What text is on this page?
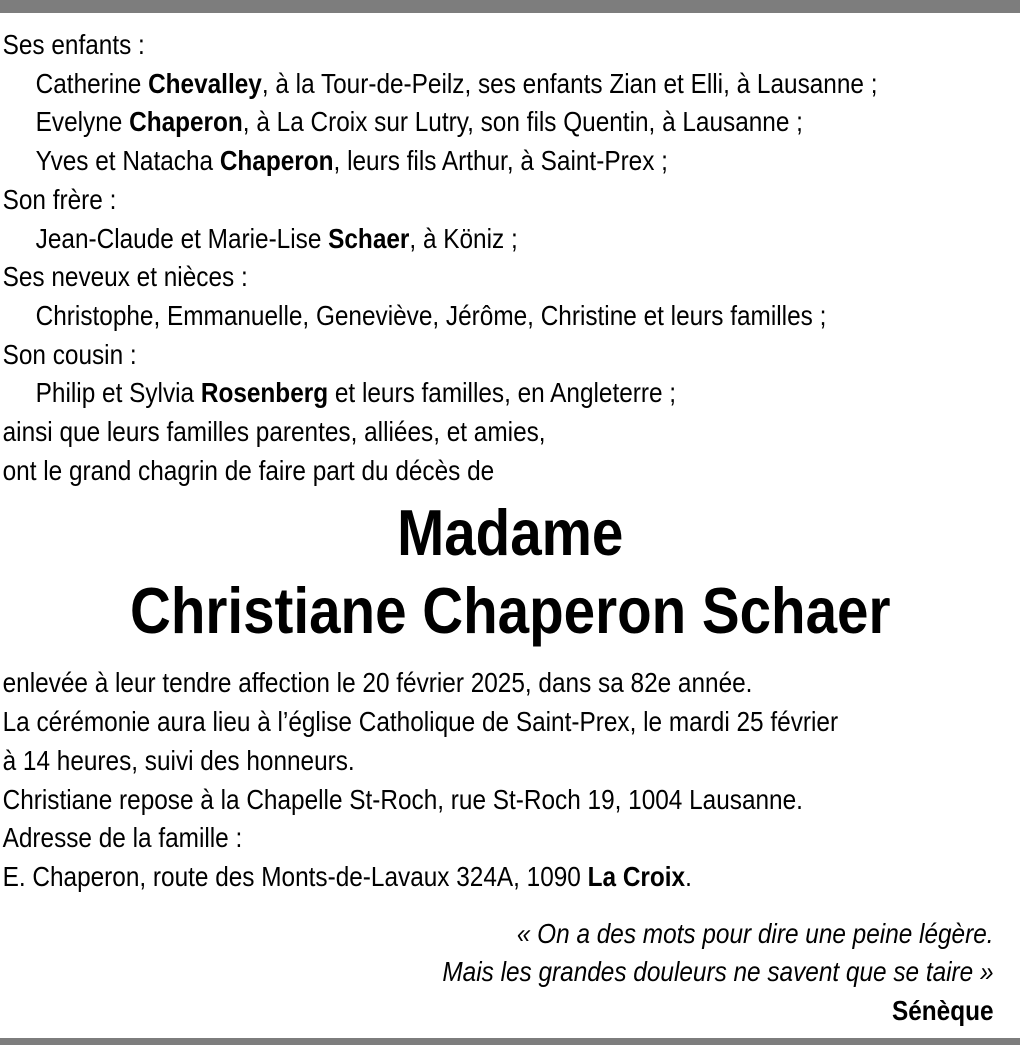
Ses enfants :
Catherine Chevalley, à la Tour-de-Peilz, ses enfants Zian et Elli, à Lausanne ;
Evelyne Chaperon, à La Croix sur Lutry, son fils Quentin, à Lausanne ;
Yves et Natacha Chaperon, leurs fils Arthur, à Saint-Prex ;
Son frère :
Jean-Claude et Marie-Lise Schaer, à Köniz ;
Ses neveux et nièces :
Christophe, Emmanuelle, Geneviève, Jérôme, Christine et leurs familles ;
Son cousin :
Philip et Sylvia Rosenberg et leurs familles, en Angleterre ;
ainsi que leurs familles parentes, alliées, et amies,
ont le grand chagrin de faire part du décès de
Madame
Christiane Chaperon Schaer
enlevée à leur tendre affection le 20 février 2025, dans sa 82e année.
La cérémonie aura lieu à l’église Catholique de Saint-Prex, le mardi 25 février
à 14 heures, suivi des honneurs.
Christiane repose à la Chapelle St-Roch, rue St-Roch 19, 1004 Lausanne.
Adresse de la famille :
E. Chaperon, route des Monts-de-Lavaux 324A, 1090 La Croix.
« On a des mots pour dire une peine légère.
Mais les grandes douleurs ne savent que se taire »
Sénèque
